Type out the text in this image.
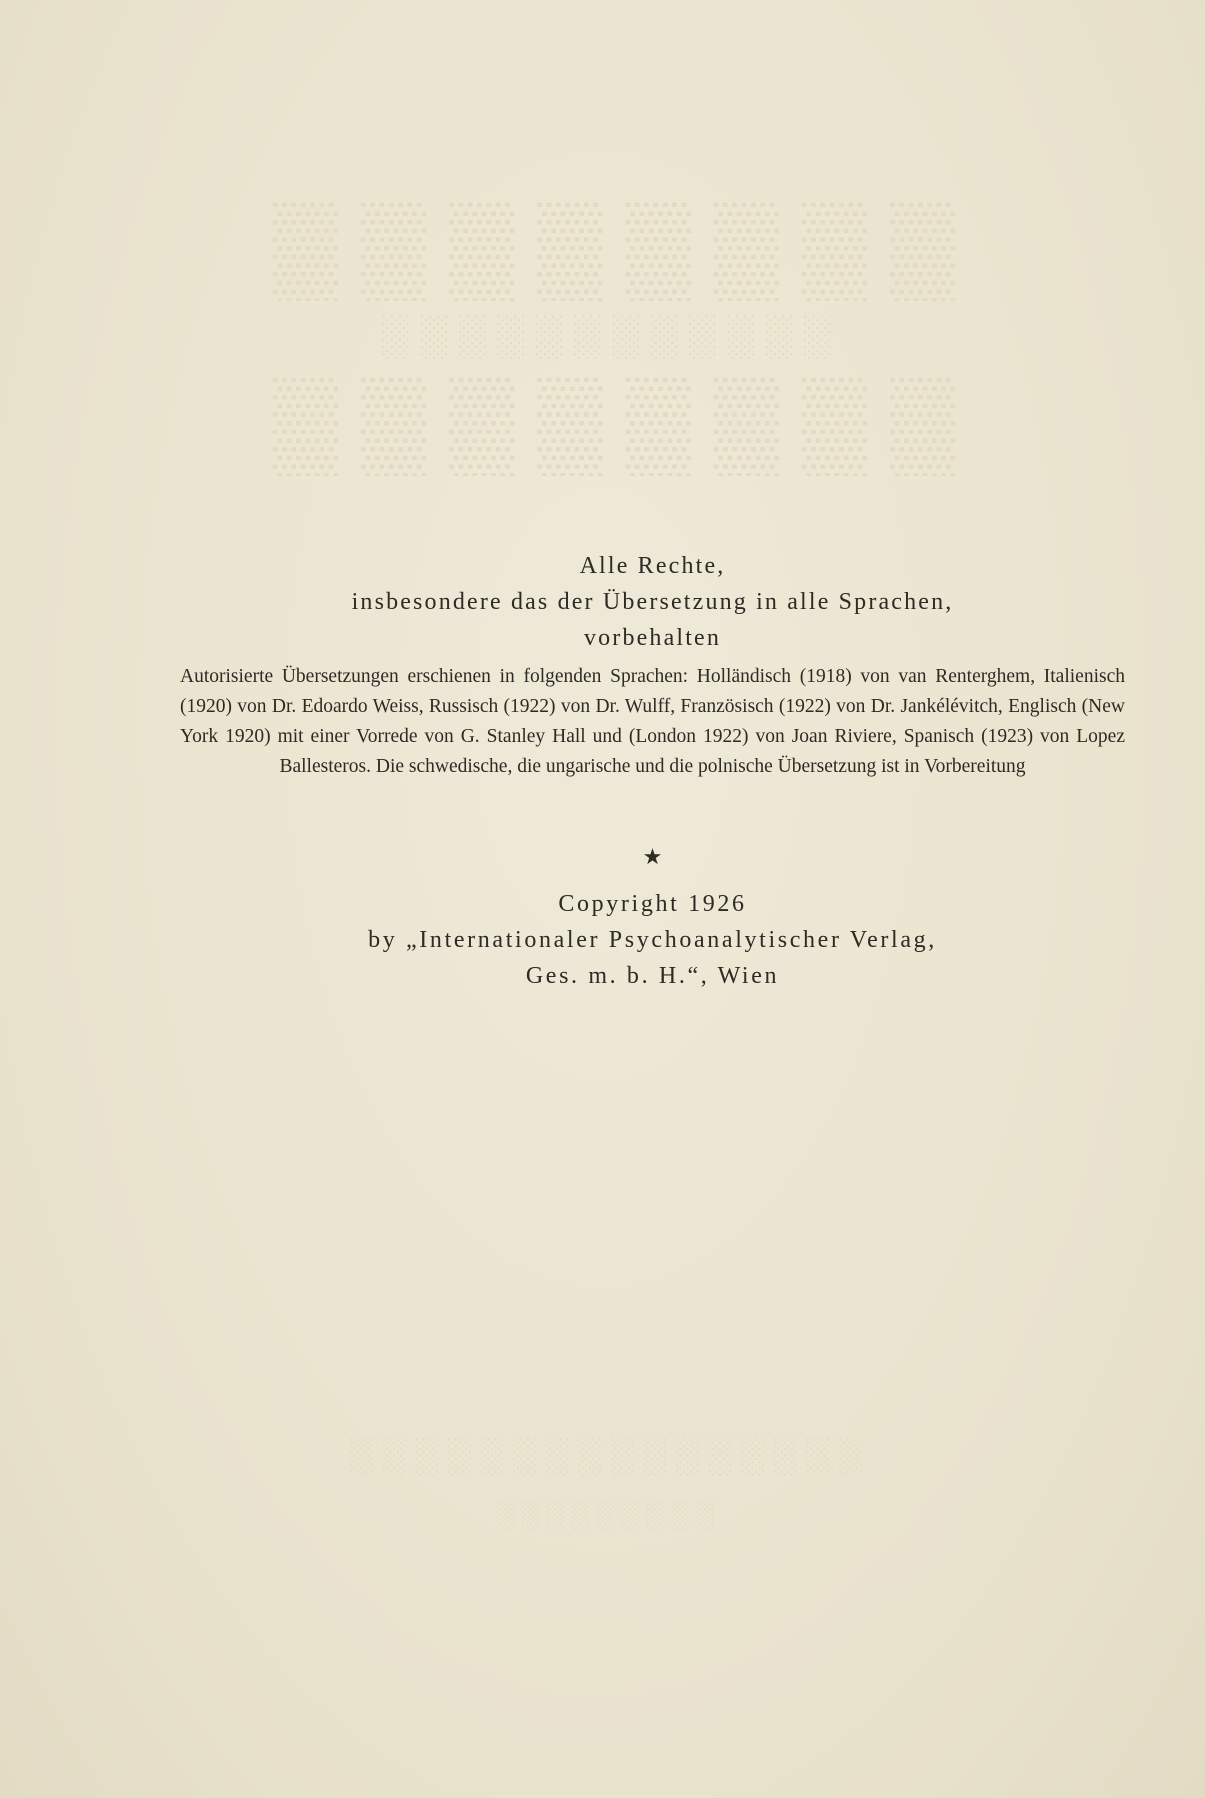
▒▒▒▒▒▒▒▒
░░░░░░░░░░░░
▒▒▒▒▒▒▒▒
░░░░░░░░░░░░░░░░
░░░░░░░░░
Alle Rechte,
insbesondere das der Übersetzung in alle Sprachen,
vorbehalten

Autorisierte Übersetzungen erschienen in folgenden Sprachen: Holländisch (1918) von van Renterghem, Italienisch (1920) von Dr. Edoardo Weiss, Russisch (1922) von Dr. Wulff, Französisch (1922) von Dr. Jankélévitch, Englisch (New York 1920) mit einer Vorrede von G. Stanley Hall und (London 1922) von Joan Riviere, Spanisch (1923) von Lopez Ballesteros. Die schwedische, die ungarische und die polnische Übersetzung ist in Vorbereitung

★
Copyright 1926
by „Internationaler Psychoanalytischer Verlag,
Ges. m. b. H.“, Wien
